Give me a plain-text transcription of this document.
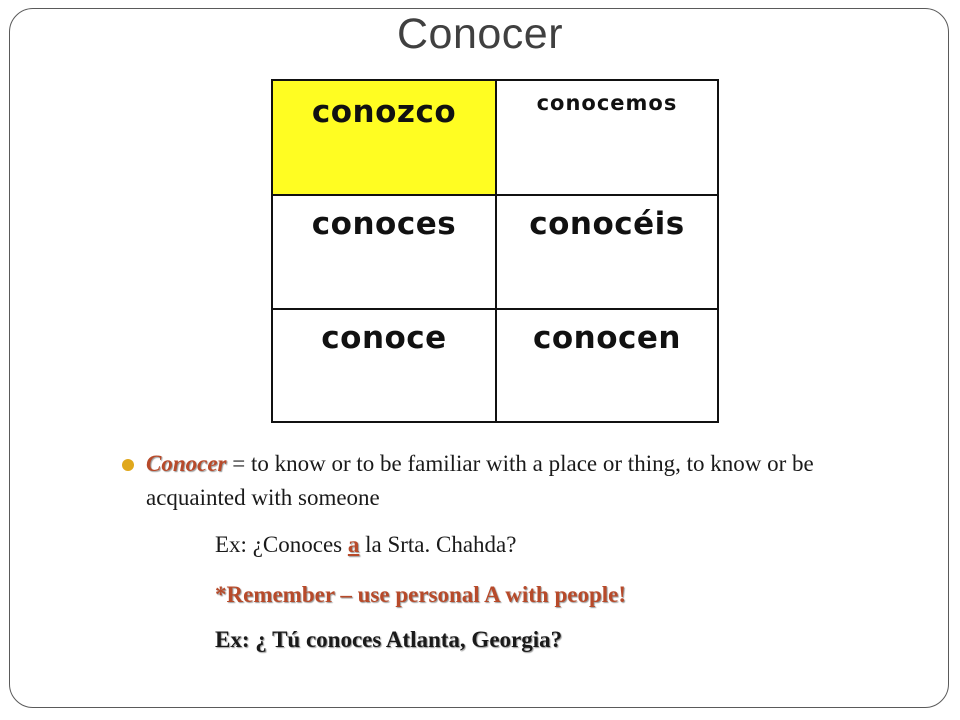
Conocer
conozco	conocemos

conoces	conocéis

conoce	conocen
Conocer = to know or to be familiar with a place or thing, to know or be acquainted with someone
Ex: ¿Conoces a la Srta. Chahda?
*Remember – use personal A with people!
Ex: ¿ Tú conoces Atlanta, Georgia?
